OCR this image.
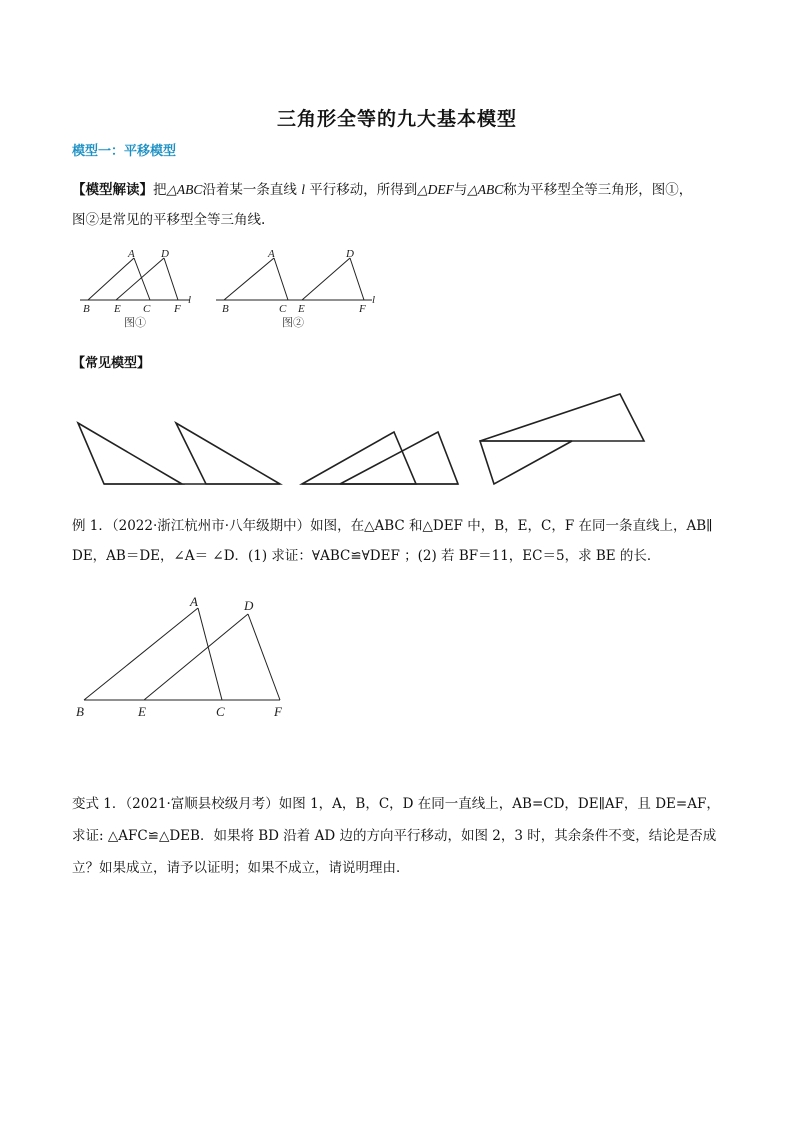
三角形全等的九大基本模型
模型一：平移模型
【模型解读】把△ABC沿着某一条直线 l 平行移动，所得到△DEF与△ABC称为平移型全等三角形，图①，
图②是常见的平移型全等三角线.
A D
B E C F
l
图①
A	D
B	C E	F
l
图②
【常见模型】
例 1．（2022·浙江杭州市·八年级期中）如图，在△ABC 和△DEF 中，B，E，C，F 在同一条直线上，AB∥
DE，AB＝DE，∠A＝ ∠D．(1) 求证：∀ABC≌∀DEF ；(2) 若 BF＝11，EC＝5，求 BE 的长．
A	D
B	E	C	F
变式 1．（2021·富顺县校级月考）如图 1，A，B，C，D 在同一直线上，AB=CD，DE∥AF，且 DE=AF，
求证: △AFC≌△DEB．如果将 BD 沿着 AD 边的方向平行移动，如图 2，3 时，其余条件不变，结论是否成
立？如果成立，请予以证明；如果不成立，请说明理由．
